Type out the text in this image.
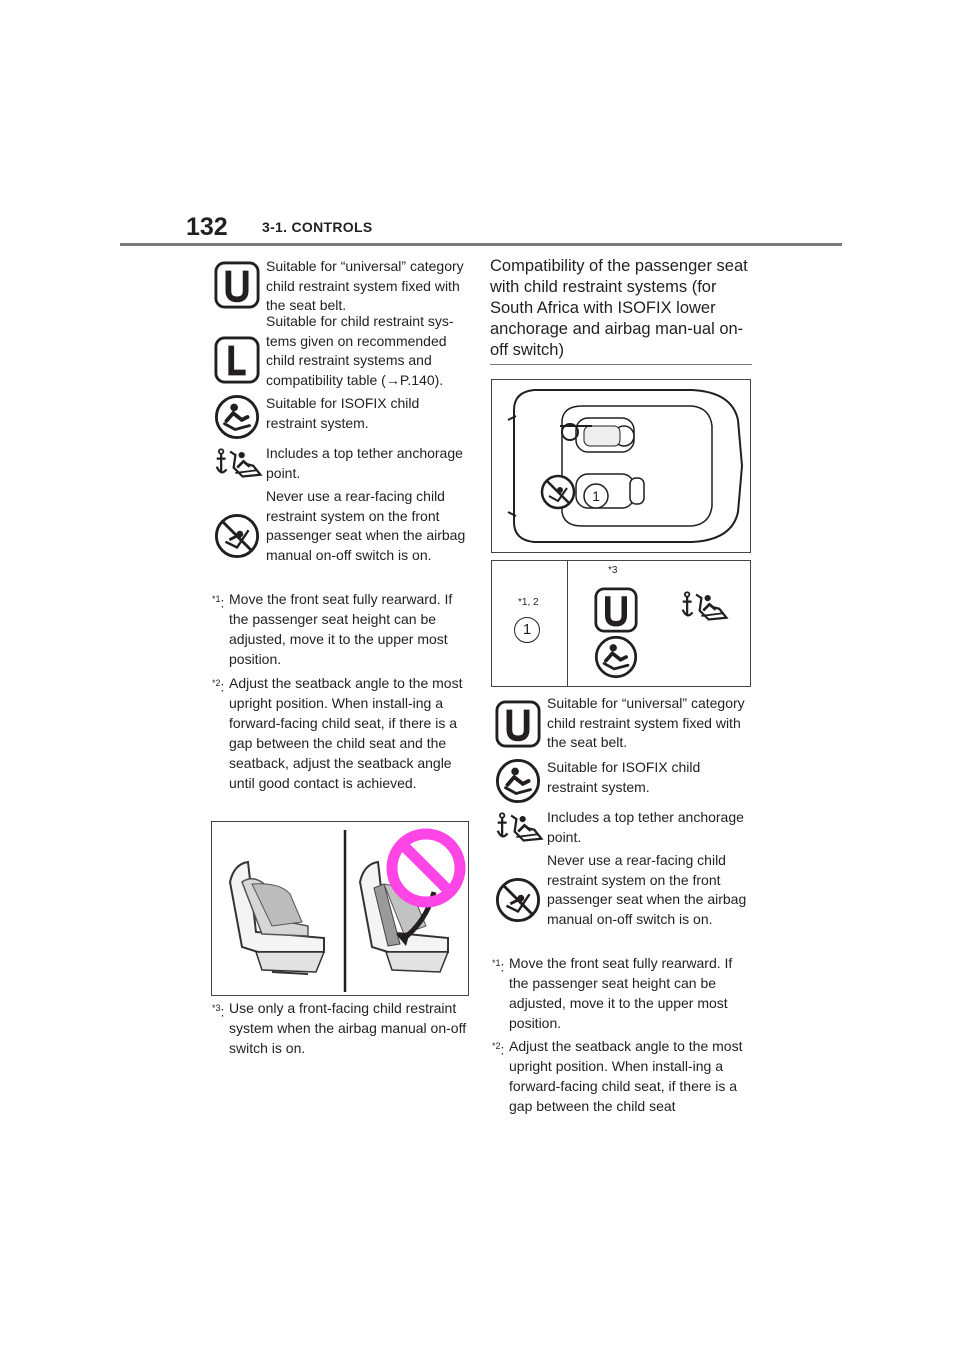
132 3-1. CONTROLS
Suitable for “universal” category child restraint system fixed with the seat belt.
Suitable for child restraint sys-tems given on recommended child restraint systems and compatibility table (→P.140).
Suitable for ISOFIX child restraint system.
Includes a top tether anchorage point.
Never use a rear-facing child restraint system on the front passenger seat when the airbag manual on-off switch is on.
$^{*1}$: Move the front seat fully rearward. If the passenger seat height can be adjusted, move it to the upper most position.
$^{*2}$: Adjust the seatback angle to the most upright position. When install-ing a forward-facing child seat, if there is a gap between the child seat and the seatback, adjust the seatback angle until good contact is achieved.
$^{*3}$: Use only a front-facing child restraint system when the airbag manual on-off switch is on.
Compatibility of the passenger seat with child restraint systems (for South Africa with ISOFIX lower anchorage and airbag man-ual on-off switch)
1
*1, 2
1
*3
Suitable for “universal” category child restraint system fixed with the seat belt.
Suitable for ISOFIX child restraint system.
Includes a top tether anchorage point.
Never use a rear-facing child restraint system on the front passenger seat when the airbag manual on-off switch is on.
$^{*1}$: Move the front seat fully rearward. If the passenger seat height can be adjusted, move it to the upper most position.
$^{*2}$: Adjust the seatback angle to the most upright position. When install-ing a forward-facing child seat, if there is a gap between the child seat
